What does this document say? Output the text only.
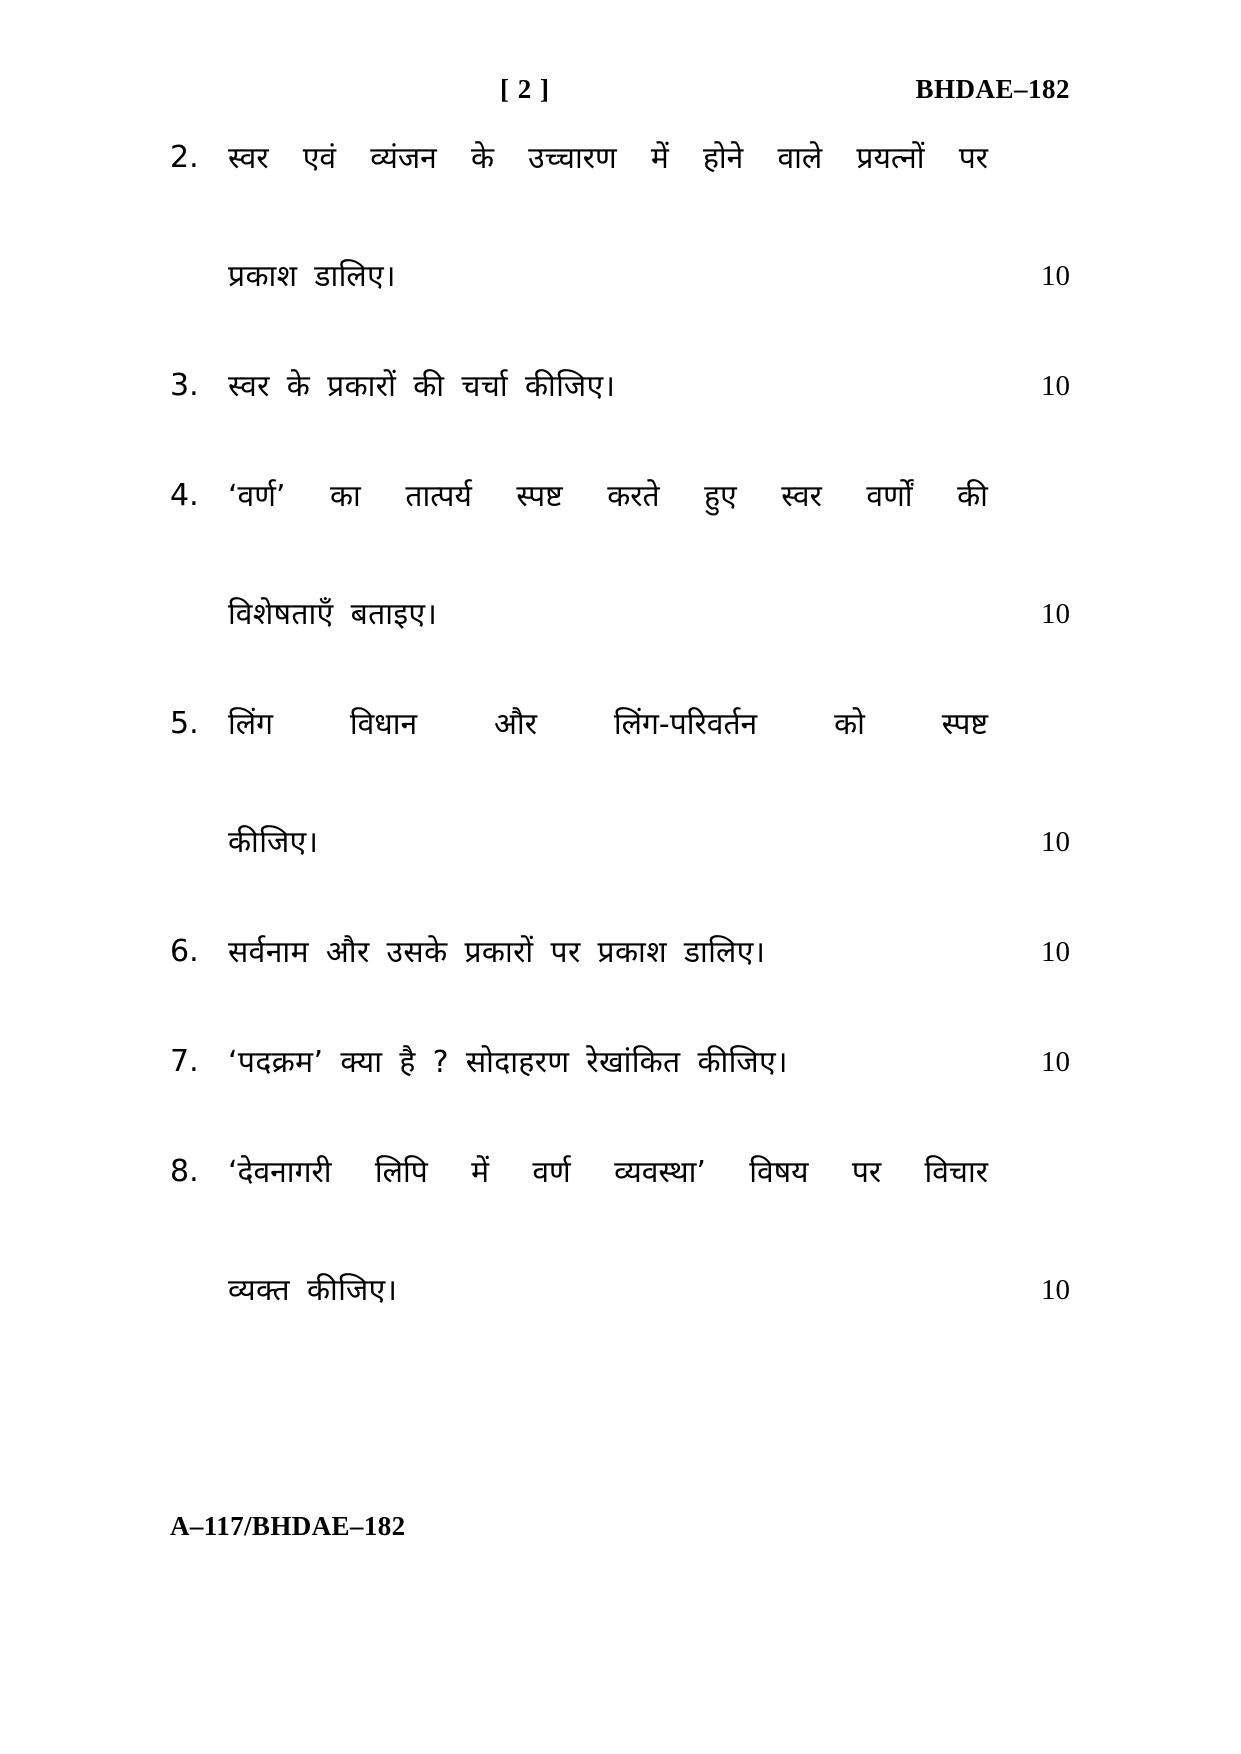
[ 2 ]	BHDAE–182
2. स्वर एवं व्यंजन के उच्चारण में होने वाले प्रयत्नों पर
प्रकाश डालिए।	10
3. स्वर के प्रकारों की चर्चा कीजिए।	10
4. ‘वर्ण’ का तात्पर्य स्पष्ट करते हुए स्वर वर्णों की
विशेषताएँ बताइए।	10
5. लिंग	विधान	और	लिंग-परिवर्तन	को	स्पष्ट
कीजिए।	10
6. सर्वनाम और उसके प्रकारों पर प्रकाश डालिए।	10
7. ‘पदक्रम’ क्या है ? सोदाहरण रेखांकित कीजिए।	10
8. ‘देवनागरी लिपि में वर्ण व्यवस्था’ विषय पर विचार
व्यक्त कीजिए।	10
A–117/BHDAE–182
